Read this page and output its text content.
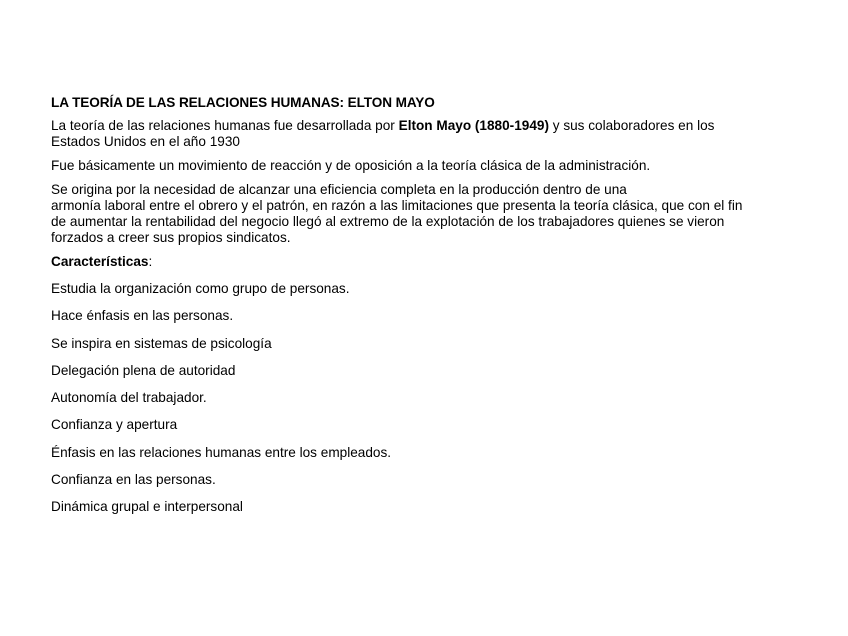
LA TEORÍA DE LAS RELACIONES HUMANAS: ELTON MAYO

La teoría de las relaciones humanas fue desarrollada por Elton Mayo (1880-1949) y sus colaboradores en los Estados Unidos en el año 1930

Fue básicamente un movimiento de reacción y de oposición a la teoría clásica de la administración.

Se origina por la necesidad de alcanzar una eficiencia completa en la producción dentro de una
armonía laboral entre el obrero y el patrón, en razón a las limitaciones que presenta la teoría clásica, que con el fin de aumentar la rentabilidad del negocio llegó al extremo de la explotación de los trabajadores quienes se vieron forzados a creer sus propios sindicatos.

Características:

Estudia la organización como grupo de personas.
Hace énfasis en las personas.
Se inspira en sistemas de psicología
Delegación plena de autoridad
Autonomía del trabajador.
Confianza y apertura
Énfasis en las relaciones humanas entre los empleados.
Confianza en las personas.
Dinámica grupal e interpersonal
